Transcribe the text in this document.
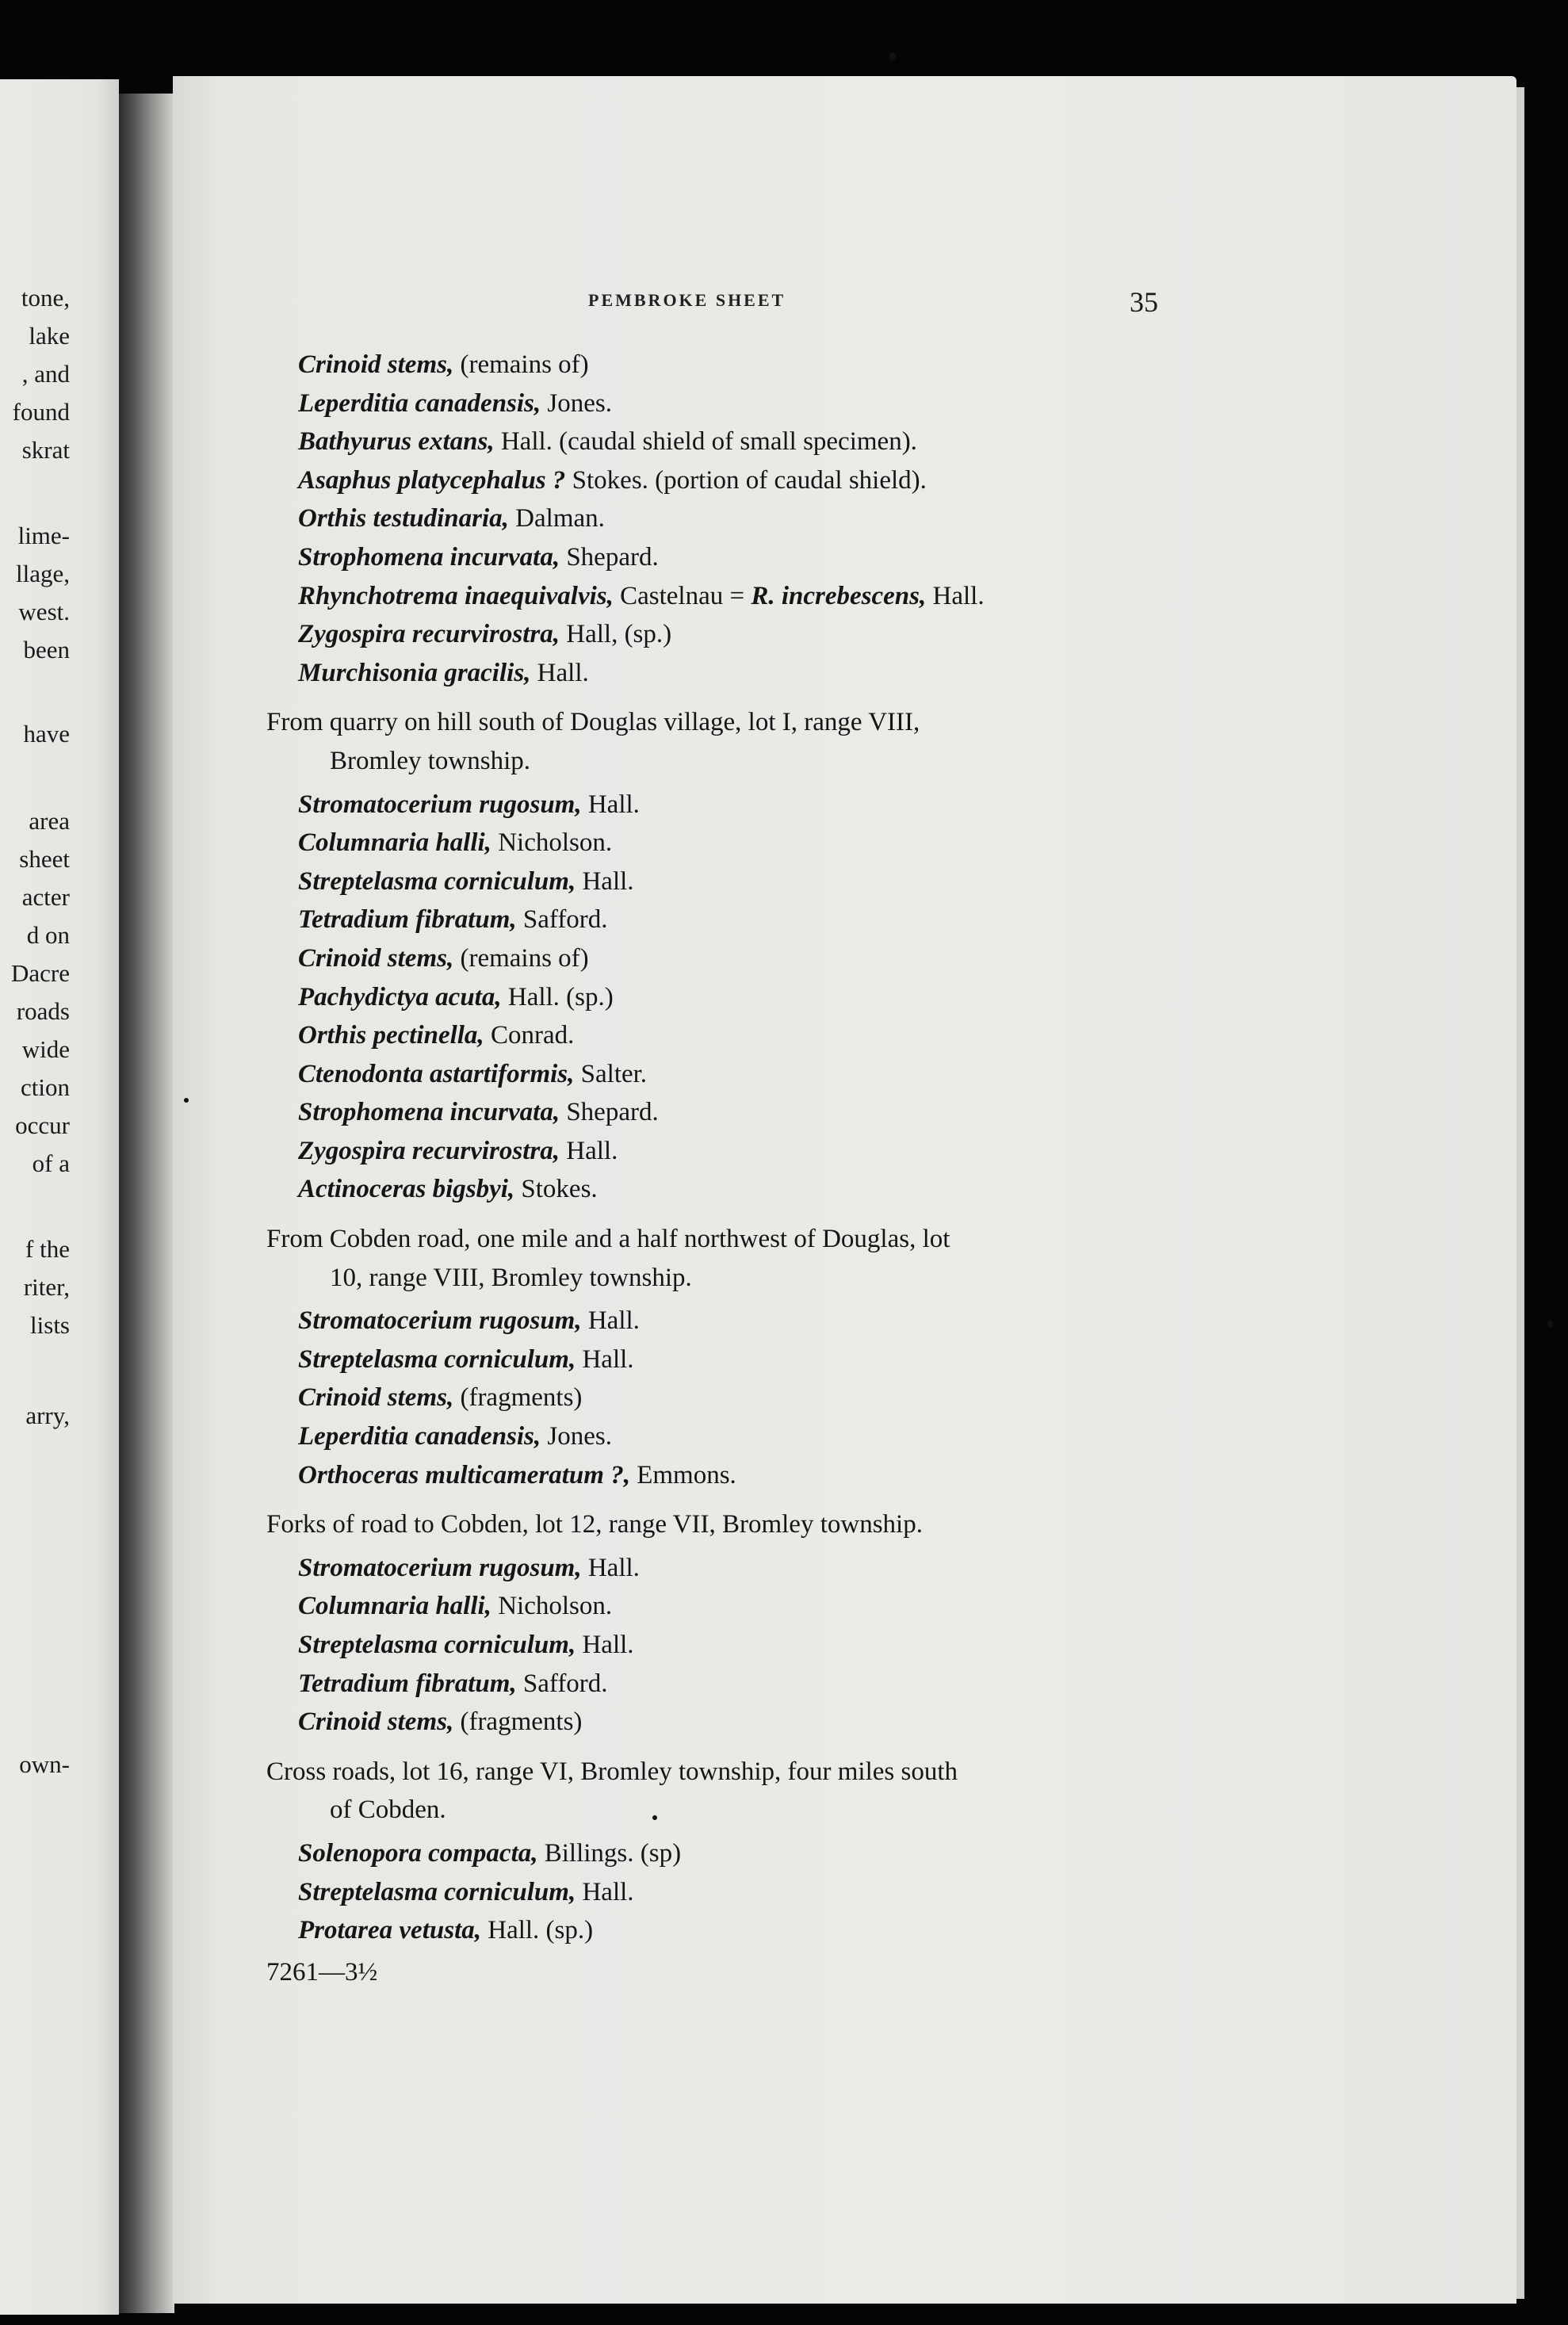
tone,
lake
, and
found
skrat
lime-
llage,
west.
been
have
area
sheet
acter
d on
Dacre
roads
wide
ction
occur
of a
f the
riter,
lists
arry,
own-
PEMBROKE SHEET	35
Crinoid stems, (remains of)
Leperditia canadensis, Jones.
Bathyurus extans, Hall. (caudal shield of small specimen).
Asaphus platycephalus ? Stokes. (portion of caudal shield).
Orthis testudinaria, Dalman.
Strophomena incurvata, Shepard.
Rhynchotrema inaequivalvis, Castelnau = R. increbescens, Hall.
Zygospira recurvirostra, Hall, (sp.)
Murchisonia gracilis, Hall.
From quarry on hill south of Douglas village, lot I, range VIII,
Bromley township.
Stromatocerium rugosum, Hall.
Columnaria halli, Nicholson.
Streptelasma corniculum, Hall.
Tetradium fibratum, Safford.
Crinoid stems, (remains of)
Pachydictya acuta, Hall. (sp.)
Orthis pectinella, Conrad.
Ctenodonta astartiformis, Salter.
Strophomena incurvata, Shepard.
Zygospira recurvirostra, Hall.
Actinoceras bigsbyi, Stokes.
From Cobden road, one mile and a half northwest of Douglas, lot
10, range VIII, Bromley township.
Stromatocerium rugosum, Hall.
Streptelasma corniculum, Hall.
Crinoid stems, (fragments)
Leperditia canadensis, Jones.
Orthoceras multicameratum ?, Emmons.
Forks of road to Cobden, lot 12, range VII, Bromley township.
Stromatocerium rugosum, Hall.
Columnaria halli, Nicholson.
Streptelasma corniculum, Hall.
Tetradium fibratum, Safford.
Crinoid stems, (fragments)
Cross roads, lot 16, range VI, Bromley township, four miles south
of Cobden.
Solenopora compacta, Billings. (sp)
Streptelasma corniculum, Hall.
Protarea vetusta, Hall. (sp.)
7261—3½
